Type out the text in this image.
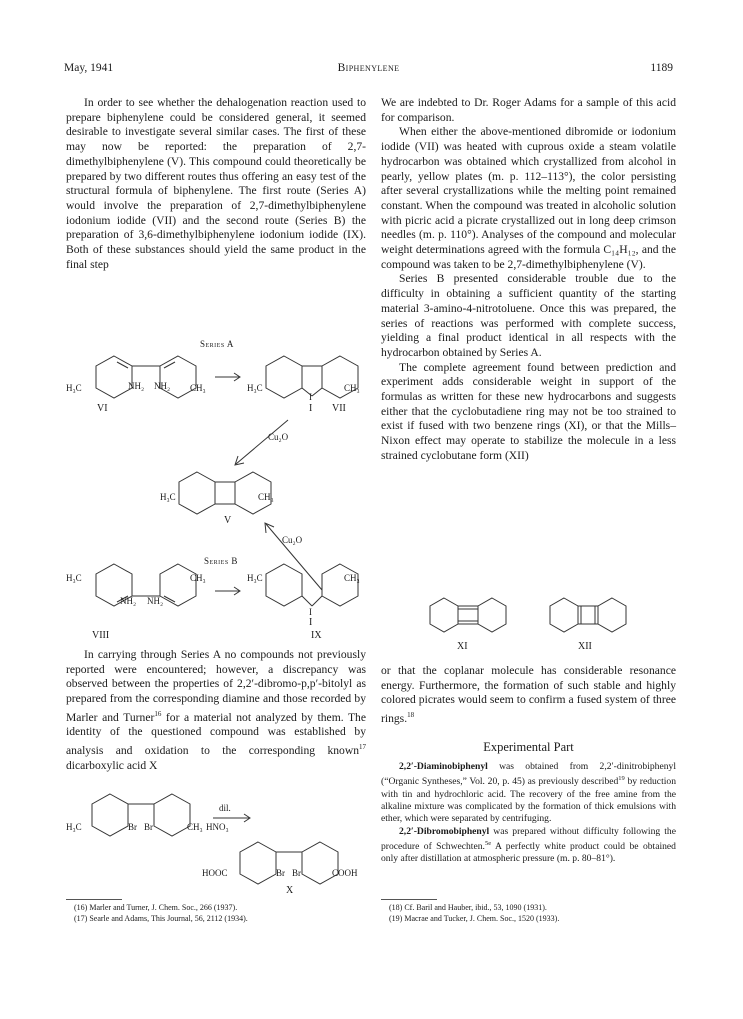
May, 1941	Biphenylene	1189

In order to see whether the dehalogenation reaction used to prepare biphenylene could be considered general, it seemed desirable to investigate several similar cases. The first of these may now be reported: the preparation of 2,7-dimethylbiphenylene (V). This compound could theoretically be prepared by two different routes thus offering an easy test of the structural formula of biphenylene. The first route (Series A) would involve the preparation of 2,7-dimethylbiphenylene iodonium iodide (VII) and the second route (Series B) the preparation of 3,6-dimethylbiphenylene iodonium iodide (IX). Both of these substances should yield the same product in the final step

Series A
H₃C	NH₂ NH₂ CH₃
VI
H₃C	CH₃
I
I VII
Cu₂O
H₃C	CH₃
V
Cu₂O
Series B
H₃C	CH₃
NH₂ NH₂
VIII
H₃C	CH₃
I
I
IX

In carrying through Series A no compounds not previously reported were encountered; however, a discrepancy was observed between the properties of 2,2′-dibromo-p,p′-bitolyl as prepared from the corresponding diamine and those recorded by Marler and Turner$^{16}$ for a material not analyzed by them. The identity of the questioned compound was established by analysis and oxidation to the corresponding known$^{17}$ dicarboxylic acid X

H₃C	Br Br	CH₃
dil.
HNO₃
HOOC	Br Br	COOH
X
(16) Marler and Turner, J. Chem. Soc., 266 (1937).
(17) Searle and Adams, This Journal, 56, 2112 (1934).

We are indebted to Dr. Roger Adams for a sample of this acid for comparison.

When either the above-mentioned dibromide or iodonium iodide (VII) was heated with cuprous oxide a steam volatile hydrocarbon was obtained which crystallized from alcohol in pearly, yellow plates (m. p. 112–113°), the color persisting after several crystallizations while the melting point remained constant. When the compound was treated in alcoholic solution with picric acid a picrate crystallized out in long deep crimson needles (m. p. 110°). Analyses of the compound and molecular weight determinations agreed with the formula C₁₄H₁₂, and the compound was taken to be 2,7-dimethylbiphenylene (V).

Series B presented considerable trouble due to the difficulty in obtaining a sufficient quantity of the starting material 3-amino-4-nitrotoluene. Once this was prepared, the series of reactions was performed with complete success, yielding a final product identical in all respects with the hydrocarbon obtained by Series A.

The complete agreement found between prediction and experiment adds considerable weight in support of the formulas as written for these new hydrocarbons and suggests either that the cyclobutadiene ring may not be too strained to exist if fused with two benzene rings (XI), or that the Mills–Nixon effect may operate to stabilize the molecule in a less strained cyclobutane form (XII)

XI	XII

or that the coplanar molecule has considerable resonance energy. Furthermore, the formation of such stable and highly colored picrates would seem to confirm a fused system of three rings.$^{18}$

Experimental Part

2,2′-Diaminobiphenyl was obtained from 2,2′-dinitrobiphenyl (“Organic Syntheses,” Vol. 20, p. 45) as previously described$^{19}$ by reduction with tin and hydrochloric acid. The recovery of the free amine from the alkaline mixture was complicated by the formation of thick emulsions with ether, which were separated by centrifuging.

2,2′-Dibromobiphenyl was prepared without difficulty following the procedure of Schwechten.$^{5e}$ A perfectly white product could be obtained only after distillation at atmospheric pressure (m. p. 80–81°).

(18) Cf. Baril and Hauber, ibid., 53, 1090 (1931).
(19) Macrae and Tucker, J. Chem. Soc., 1520 (1933).
